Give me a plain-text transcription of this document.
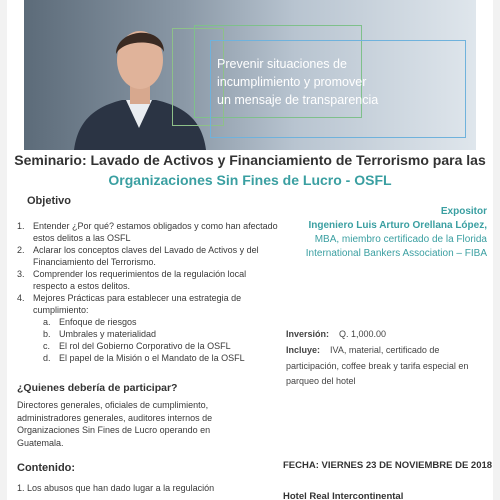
Prevenir situaciones de
incumplimiento y promover
un mensaje de transparencia
Seminario: Lavado de Activos y Financiamiento de Terrorismo para las
Organizaciones Sin Fines de Lucro - OSFL
Objetivo
1. Entender ¿Por qué? estamos obligados y como han afectado estos delitos a las OSFL
2. Aclarar los conceptos claves del Lavado de Activos y del Financiamiento del Terrorismo.
3. Comprender los requerimientos de la regulación local respecto a estos delitos.
4. Mejores Prácticas para establecer una estrategia de cumplimiento:
a. Enfoque de riesgos
b. Umbrales y materialidad
c. El rol del Gobierno Corporativo de la OSFL
d. El papel de la Misión o el Mandato de la OSFL
¿Quienes debería de participar?
Directores generales, oficiales de cumplimiento, administradores generales, auditores internos de Organizaciones Sin Fines de Lucro operando en Guatemala.
Contenido:
1. Los abusos que han dado lugar a la regulación
Expositor
Ingeniero Luis Arturo Orellana López,
MBA, miembro certificado de la Florida International Bankers Association – FIBA
Inversión: Q. 1,000.00
Incluye: IVA, material, certificado de participación, coffee break y tarifa especial en parqueo del hotel
FECHA: VIERNES 23 DE NOVIEMBRE DE 2018
Hotel Real Intercontinental
